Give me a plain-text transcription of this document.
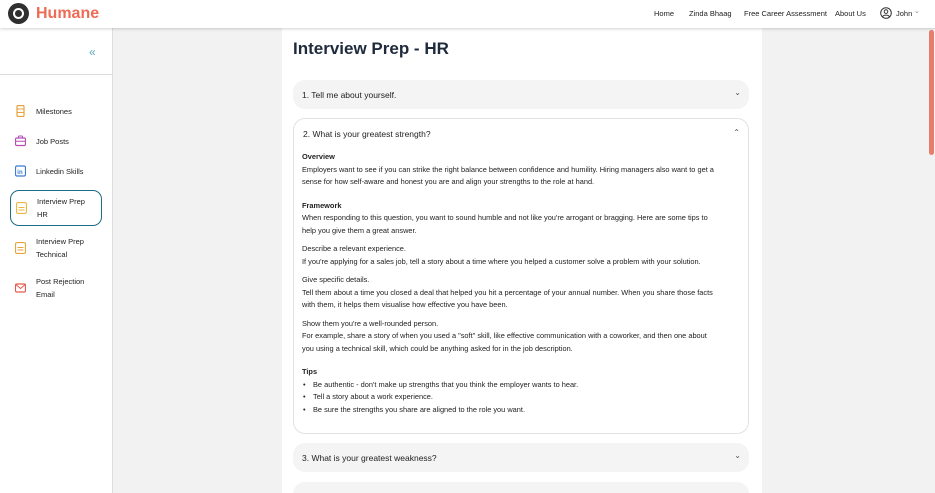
Humane	Home Zinda Bhaag Free Career Assessment About Us	John ⌄
«
Milestones
Job Posts
in Linkedin Skills
Interview Prep
HR
Interview Prep
Technical
Post Rejection
Email
Interview Prep - HR
1. Tell me about yourself.	⌄
2. What is your greatest strength?	⌃
Overview
Employers want to see if you can strike the right balance between confidence and humility. Hiring managers also want to get a
sense for how self-aware and honest you are and align your strengths to the role at hand.
Framework
When responding to this question, you want to sound humble and not like you're arrogant or bragging. Here are some tips to
help you give them a great answer.
Describe a relevant experience.
If you're applying for a sales job, tell a story about a time where you helped a customer solve a problem with your solution.
Give specific details.
Tell them about a time you closed a deal that helped you hit a percentage of your annual number. When you share those facts
with them, it helps them visualise how effective you have been.
Show them you're a well-rounded person.
For example, share a story of when you used a "soft" skill, like effective communication with a coworker, and then one about
you using a technical skill, which could be anything asked for in the job description.
Tips
• Be authentic - don't make up strengths that you think the employer wants to hear.
• Tell a story about a work experience.
• Be sure the strengths you share are aligned to the role you want.
3. What is your greatest weakness?	⌄
